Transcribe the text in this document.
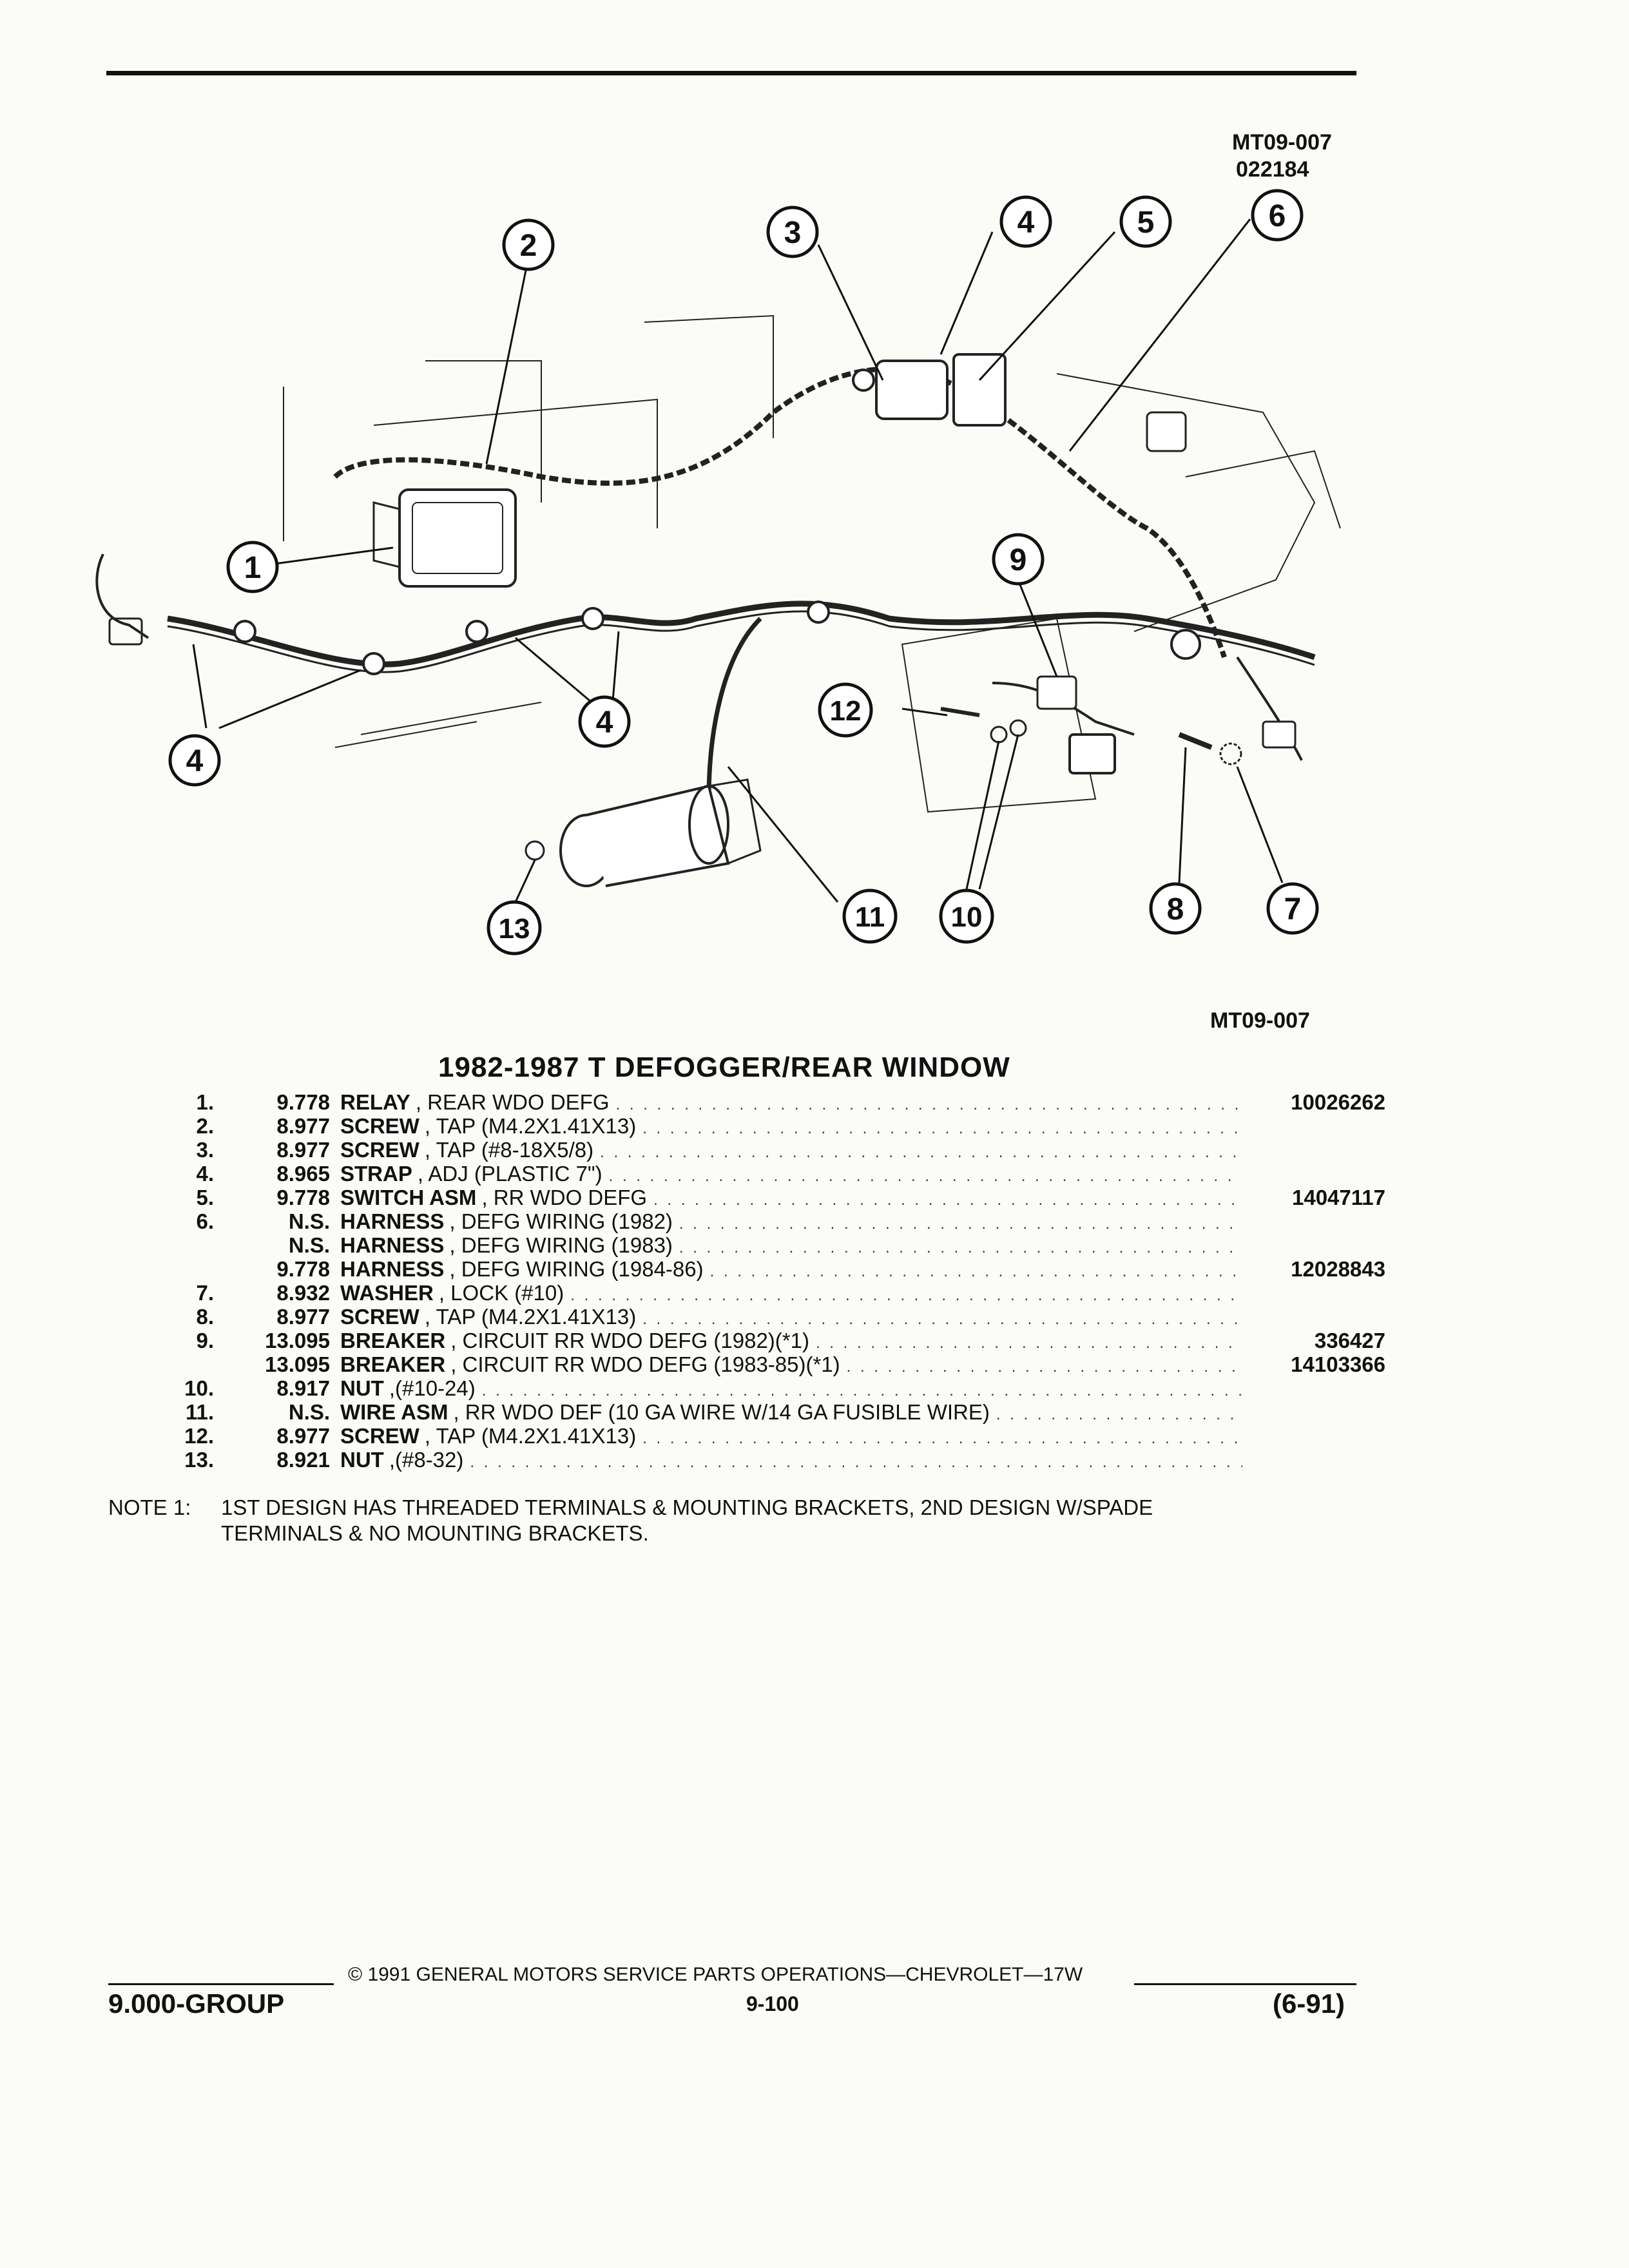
MT09-007
022184
1
2	3	4	5	6
9
12
4
4
13	11 10	8	7
MT09-007
1982-1987 T DEFOGGER/REAR WINDOW
1.	9.778 RELAY , REAR WDO DEFG . . .	10026262
2.	8.977 SCREW , TAP (M4.2X1.41X13)
. . .
3.	8.977 SCREW , TAP (#8-18X5/8)
. . .
4.	8.965 STRAP , ADJ (PLASTIC 7")
. . .
5.	9.778 SWITCH ASM , RR WDO DEFG . . .	14047117
6.	N.S. HARNESS , DEFG WIRING (1982)
. . .
N.S. HARNESS , DEFG WIRING (1983)
. . .
9.778 HARNESS , DEFG WIRING (1984-86) . . .	12028843
7.	8.932 WASHER , LOCK (#10)
. . .
8.	8.977 SCREW , TAP (M4.2X1.41X13)
. . .
9.	13.095 BREAKER , CIRCUIT RR WDO DEFG (1982)(*1) . . .	336427
13.095 BREAKER , CIRCUIT RR WDO DEFG (1983-85)(*1) . . .	14103366
10.	8.917 NUT ,(#10-24)
. . .
11.	N.S. WIRE ASM , RR WDO DEF (10 GA WIRE W/14 GA FUSIBLE WIRE)
. . .
12.	8.977 SCREW , TAP (M4.2X1.41X13)
. . .
13.	8.921 NUT ,(#8-32)
. . .
NOTE 1: 1ST DESIGN HAS THREADED TERMINALS & MOUNTING BRACKETS, 2ND DESIGN W/SPADE
TERMINALS & NO MOUNTING BRACKETS.
© 1991 GENERAL MOTORS SERVICE PARTS OPERATIONS—CHEVROLET—17W
9.000-GROUP	9-100	(6-91)
